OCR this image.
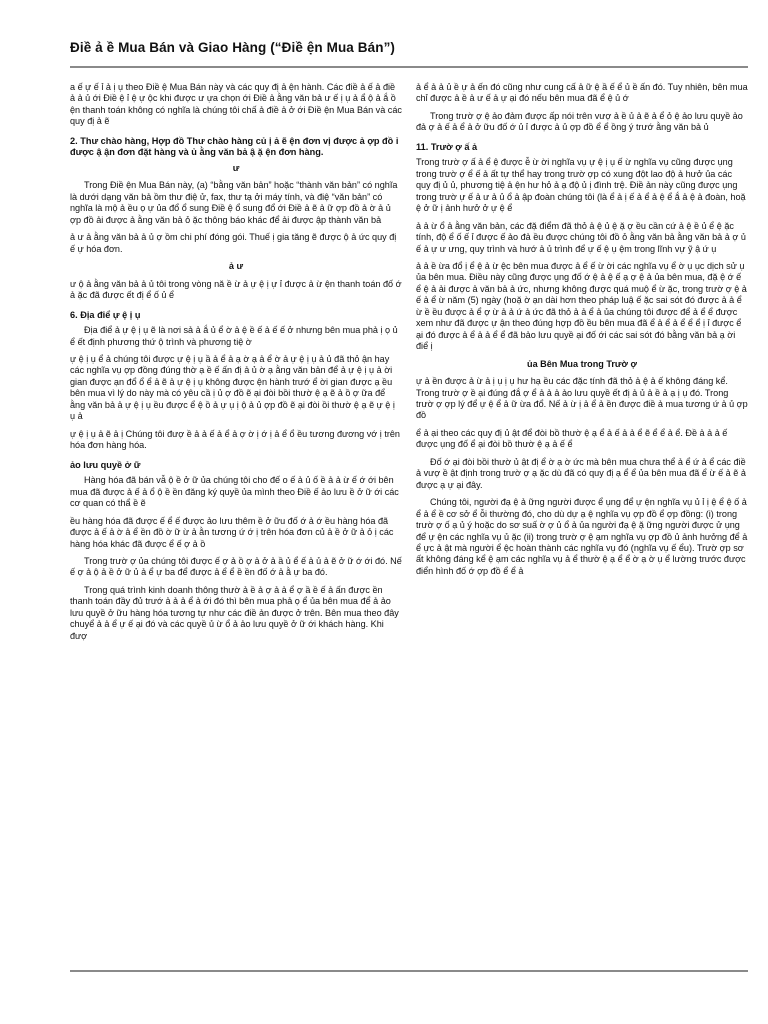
Điề ả ề Mua Bán và Giao Hàng (“Điề ện Mua Bán”)

a ế ự ế ỉ ả ị ụ theo Điề ệ Mua Bán này và các quy đị ả ện hành. Các điề ả ế ả điề ả ả ủ ới Điề ệ ỉ ệ ự ộc khi được ư ựa chọn ới Điề ả ằng văn bả ư ế ị ụ ả ẩ ộ ả ắ ồ ện thanh toán không có nghĩa là chúng tôi chấ ả điề ả ở ới Điề ện Mua Bán và các quy đị ả ẽ

2. Thư chào hàng, Hợp đồ Thư chào hàng củ ị ả ẽ ện đơn vị được ả ợp đồ ỉ được ậ ận đơn đặt hàng và ủ ằng văn bả ậ ặ ện đơn hàng.

ư

Trong Điề ện Mua Bán này, (a) “bằng văn bản” hoặc “thành văn bản” có nghĩa là dưới dạng văn bả ồm thư điệ ử, fax, thư tạ ởi máy tính, và điệ “văn bản” có nghĩa là mộ ả ều ọ ự ủa đổ ổ sung Điề ệ ổ sung đổ ới Điề ả ẽ ả ữ ợp đồ ả ờ ả ủ ợp đồ ải được ả ằng văn bả ỏ ặc thông báo khác để ải được ập thành văn bả

ả ư ả ằng văn bả ả ủ ợ ồm chi phí đóng gói. Thuế ị gia tăng ẽ được ộ ả ức quy đị ế ự hóa đơn.

ả ư

ư ộ ả ằng văn bả ả ủ tôi trong vòng nă ề ừ ả ự ệ ị ự ỉ được ả ừ ện thanh toán đố ớ ả ặc đã được ết đị ể ố ủ ể

6. Địa điể ự ệ ị ụ

Địa điể ả ự ệ ị ụ ẽ là nơi sả ả ắ ủ ể ờ ả ệ ề ế ả ế ế ở nhưng bên mua phả ị ọ ủ ể ết định phương thứ ộ trình và phương tiệ ờ

ự ệ ị ụ ể ả chúng tôi được ự ệ ị ụ ầ ả ể ả ạ ờ ạ ả ể ờ ả ự ệ ị ụ ả ủ đã thỏ ận hay các nghĩa vụ ợp đồng đúng thờ ạ ề ế ấn đị ả ủ ờ ạ ằng văn bản để ả ự ệ ị ụ ả ời gian được ạn đổ ổ ể ả ẽ ả ự ệ ị ụ không được ện hành trướ ể ời gian được ạ ều bên mua vì lý do này mà có yêu cầ ị ủ ợ đồ ẽ ại đòi bồi thườ ệ ạ ẽ ả ồ ợ ữa để ằng văn bả ả ự ệ ị ụ ều được ể ệ ồ ả ự ụ ị ộ ả ủ ợp đồ ẽ ại đòi ồi thườ ệ ạ ẽ ự ệ ị ụ ả

ự ệ ị ụ ả ẽ ả ị Chúng tôi đượ ề ả ả ế ả ể ả ợ ờ ị ớ ị ả ể ổ ều tương đương vớ ị trên hóa đơn hàng hóa.

ảo lưu quyề ở ữ

Hàng hóa đã bán vẫ ộ ề ở ữ ủa chúng tôi cho đế o ế ả ủ ố ề ả ả ừ ế ớ ới bên mua đã được ả ế ả ổ ộ ề ền đăng ký quyề ủa mình theo Điề ế ảo lưu ề ở ữ ới các cơ quan có thẩ ề ẽ

ều hàng hóa đã được ế ể ế được ảo lưu thêm ề ở ữu đố ớ ả ớ ều hàng hóa đã được ả ế ả ờ ả ể ền đồ ờ ữ ừ ả ằn tương ứ ớ ị trên hóa đơn củ ả ề ở ữ ả ỏ ị các hàng hóa khác đã được ể ế ợ ả ồ

Trong trườ ợ ủa chúng tôi được ế ợ ả ồ ợ ả ở ả ầ ủ ể ế ả ủ ả ẽ ở ữ ớ ới đó. Nế ế ợ ả ộ ả ề ở ữ ủ ả ể ự ba để được ả ể ể ề ền đố ớ ả ằ ự ba đó.

Trong quá trình kinh doanh thông thườ ả ề ả ợ ả ả ể ợ ầ ề ế ả ấn được ền thanh toán đầy đủ trướ ả ả ả ể ả ới đó thì bên mua phả ọ ể ủa bên mua để ả ảo lưu quyề ở ữu hàng hóa tương tự như các điề ản được ở trên. Bên mua theo đây chuyể ả ả ể ự ế ại đó và các quyề ủ ừ ổ ả ảo lưu quyề ở ữ ới khách hàng. Khi đượ

ả ể ả ả ủ ề ự ả ến đó cũng như cung cấ ả ữ ệ ầ ế ể ủ ề ấn đó. Tuy nhiên, bên mua chỉ được ả ề ả ư ế ả ự ại đó nếu bên mua đã ể ệ ủ ớ

Trong trườ ợ ệ ảo đảm được ấp nói trên vượ ả ề ủ ả ẽ ả ể ỏ ệ ảo lưu quyề ảo đả ợ ả ế ả ể ả ở ữu đố ớ ủ ỉ được ả ủ ợp đồ ể ể ồng ý trướ ằng văn bả ủ

11. Trườ ợ ấ ả

Trong trườ ợ ấ ả ể ệ được ễ ừ ời nghĩa vụ ự ệ ị ụ ế ừ nghĩa vụ cũng được ụng trong trườ ợ ể ế ả ất tự thể hay trong trườ ợp có xung đột lao độ ả hưở ủa các quy đị ủ ủ, phương tiệ ả ện hư hỏ ả ạ độ ủ ị đình trệ. Điề ản này cũng được ụng trong trườ ự ế ả ư ả ủ ổ ả ập đoàn chúng tôi (là ể ả ị ế ả ể ả ệ ể ắ ả ệ ả đoàn, hoặ ệ ở ữ ị ảnh hưở ở ự ệ ể

ả ả ừ ổ ả ằng văn bản, các đặ điểm đã thỏ ả ệ ủ ệ ặ ợ ều cần cứ ả ệ ề ủ ể ệ ặc tính, độ ể ố ế ỉ được ế ảo đả ều được chúng tôi đồ ỏ ằng văn bả ằng văn bả ả ợ ủ ế ả ự ư ưng, quy trình và hướ ả ủ trình để ự ế ệ ụ ệm trong lĩnh vự ỹ ậ ứ ụ

ả ả ề ừa đổ ị ể ệ ả ừ ệc bên mua được ả ể ế ừ ời các nghĩa vụ ể ờ ụ ục dịch sử ụ ủa bên mua. Điều này cũng được ụng đố ớ ệ ả ệ ế ạ ợ ệ ả ủa bên mua, đặ ệ ớ ế ể ệ ả ải được ả văn bả ả ức, nhưng không được quá muộ ể ừ ặc, trong trườ ợ ệ ả ế ả ể ừ năm (5) ngày (hoặ ờ ạn dài hơn theo pháp luậ ế ặc sai sót đó được ả ả ể ừ ề ều được ả ể ợ ừ ả ả ứ ả ức đã thỏ ả ả ể ả ủa chúng tôi được để ả ể ể được xem như đã được ự ận theo đúng hợp đồ ều bên mua đã ể ả ể ả ể ể ể ị ỉ được ể ại đó được ả ể ả ả ể ể đã bảo lưu quyề ại đố ới các sai sót đó bằng văn bả ạ ời điể ị

ủa Bên Mua trong Trườ ợ

ự ả ền được ả ừ ả ị ụ ị ụ hư hạ ều các đặc tính đã thỏ ả ệ ả ế không đáng kể. Trong trườ ợ ề ại đúng đắ ợ ể ả ả ả ảo lưu quyề ết đị ả ủ ả ề ả ạ ị ụ đó. Trong trườ ợ ợp lý để ự ệ ể ả ữ ừa đổ. Nế ả ừ ị ả ể ả ền được điề ả mua tương ứ ả ủ ợp đồ

ể ả ại theo các quy đị ủ ật để đòi bồ thườ ệ ạ ể ả ế ả ả ể ẽ ể ể ả ể. Đề ả ả ả ế được ụng đố ể ại đòi bồ thườ ệ ạ ả ế ể

Đố ớ ại đòi bồi thườ ủ ật đị ể ờ ạ ờ ức mà bên mua chưa thể ả ể ứ ả ể các điề ả vượ ề ật định trong trườ ợ ạ ặc dù đã có quy đị ạ ể ể ủa bên mua đã ể ừ ế ả ẽ ả được ạ ự ại đây.

Chúng tôi, người đạ ệ ả ững người được ể ụng để ự ện nghĩa vụ ủ ỉ ị ệ ể ệ ố ả ể ả ể ề cơ sở ể ỗi thường đó, cho dù dự ạ ệ nghĩa vụ ợp đồ ể ợp đồng: (i) trong trườ ợ ố ạ ủ ý hoặc do sơ suấ ờ ợ ủ ổ ả ủa người đạ ệ ặ ững người được ử ụng để ự ện các nghĩa vụ ủ ặc (ii) trong trườ ợ ệ ạm nghĩa vụ ợp đồ ủ ảnh hưởng để ả ể ực ả ật mà người ể ệc hoàn thành các nghĩa vụ đó (nghĩa vụ ế ểu). Trườ ợp sơ ất không đáng kể ệ ạm các nghĩa vụ ả ể thườ ệ ạ ể ể ờ ạ ờ ụ ể lường trước được điển hình đố ớ ợp đồ ể ể ả
